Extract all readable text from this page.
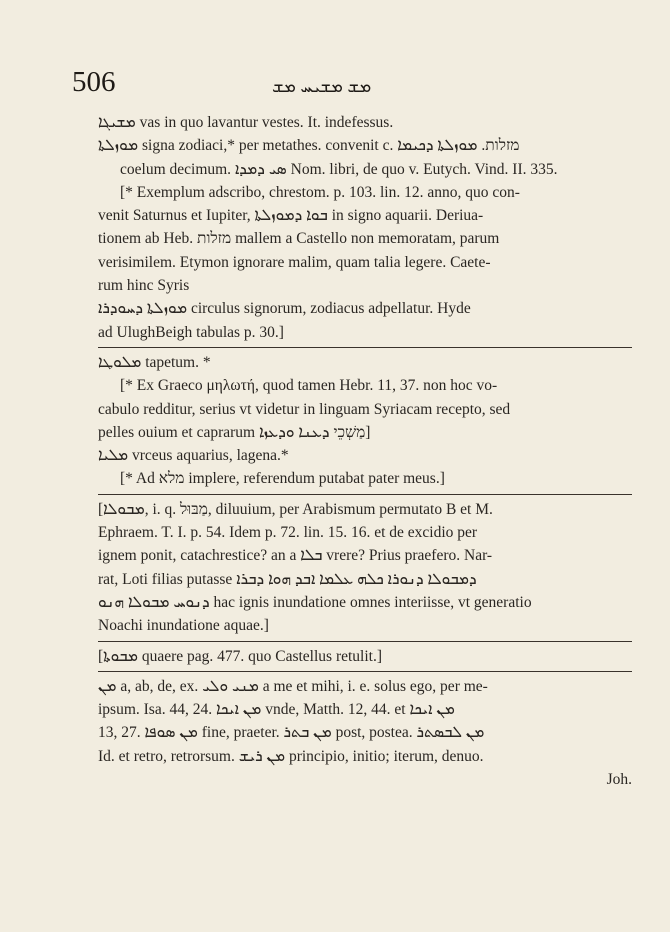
506	ܡܫ ܡܫܝܚ ܡܫ
ܡܫܝܓܐ vas in quo lavantur vestes. It. indefessus.
ܡܘܙܠܬܐ signa zodiaci,* per metathes. convenit c. מזלות. ܡܘܙܠܬܐ ܕܟܝܡܐ
coelum decimum. ܣܝ ܕܡܕܐ Nom. libri, de quo v. Eutych. Vind. II. 335.
[* Exemplum adscribo, chrestom. p. 103. lin. 12. anno, quo con-
venit Saturnus et Iupiter, ܒܘܐ ܕܡܘܙܠܬܐ in signo aquarii. Deriua-
tionem ab Heb. מזלות mallem a Castello non memoratam, parum
verisimilem. Etymon ignorare malim, quam talia legere. Caete-
rum hinc Syris
ܡܘܙܠܬܐ ܕܚܘܕܪܐ circulus signorum, zodiacus adpellatur. Hyde
ad UlughBeigh tabulas p. 30.]
ܡܠܘܛܐ tapetum. *
[* Ex Graeco μηλωτή, quod tamen Hebr. 11, 37. non hoc vo-
cabulo redditur, serius vt videtur in linguam Syriacam recepto, sed
pelles ouium et caprarum מַשְׁכֵי ܕܥܢܐ ܘܕܥܙܐ]
ܡܠܝܐ vrceus aquarius, lagena.*
[* Ad מלא implere, referendum putabat pater meus.]
[ܡܒܘܠܐ, i. q. מַבּוּל, diluuium, per Arabismum permutato B et M.
Ephraem. T. I. p. 54. Idem p. 72. lin. 15. 16. et de excidio per
ignem ponit, catachrestice? an a ܒܠܐ vrere? Prius praefero. Nar-
rat, Loti filias putasse ܕܡܒܘܠܐ ܕܢܘܪܐ ܟܠܗ ܥܠܡܐ ܐܒܕ ܗܘܐ ܕܒܪܐ
ܕܢܘܚ ܡܒܘܠܐ ܗܢܘ hac ignis inundatione omnes interiisse, vt generatio
Noachi inundatione aquae.]
[ܡܒܘܬܐ quaere pag. 477. quo Castellus retulit.]
ܡܢ a, ab, de, ex. ܡܢܝ ܘܠܝ a me et mihi, i. e. solus ego, per me-
ipsum. Isa. 44, 24. ܡܢ ܐܝܟܐ vnde, Matth. 12, 44. et ܡܢ ܐܝܟܐ
13, 27. ܡܢ ܣܘܦܐ fine, praeter. ܡܢ ܒܬܪ post, postea. ܡܢ ܠܒܣܬܪ
Id. et retro, retrorsum. ܡܢ ܪܝܫ principio, initio; iterum, denuo.
Joh.
